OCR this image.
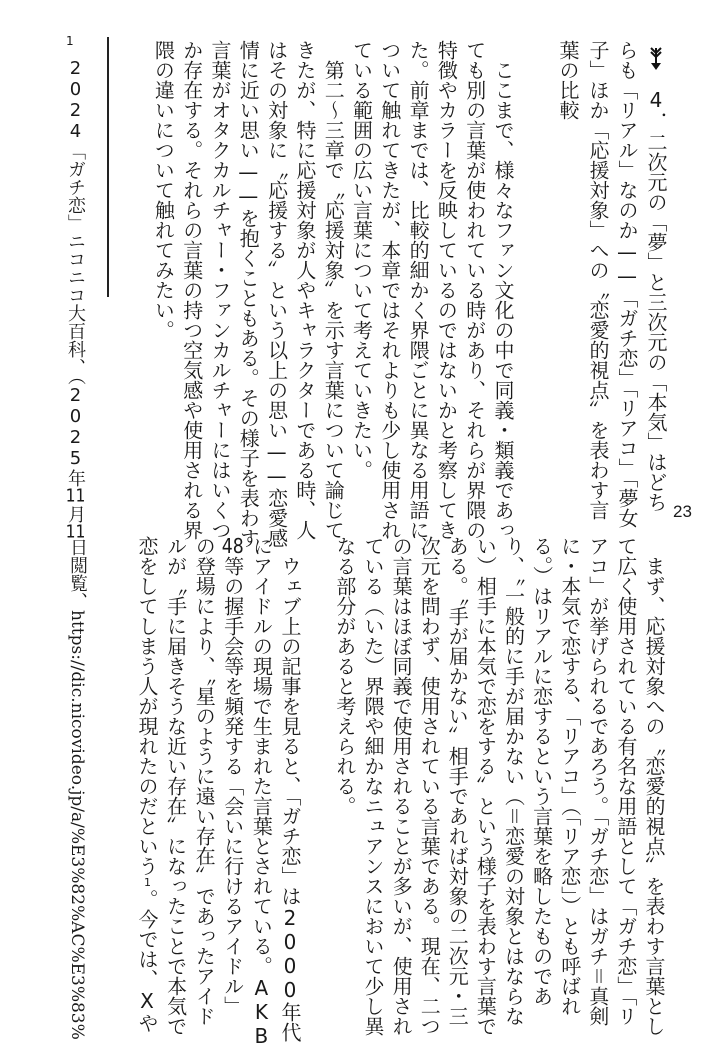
23
1
4．二次元の「夢」と三次元の「本気」はどち
らも「リアル」なのか——「ガチ恋」「リアコ」「夢女
子」ほか「応援対象」への〝恋愛的視点〟を表わす言
葉の比較
ここまで、様々なファン文化の中で同義・類義であっ
ても別の言葉が使われている時があり、それらが界隈の
特徴やカラーを反映しているのではないかと考察してき
た。前章までは、比較的細かく界隈ごとに異なる用語に
ついて触れてきたが、本章ではそれよりも少し使用され
ている範囲の広い言葉について考えていきたい。
第二～三章で〝応援対象〟を示す言葉について論じて
きたが、特に応援対象が人やキャラクターである時、人
はその対象に〝応援する〟という以上の思い——恋愛感
情に近い思い——を抱くこともある。その様子を表わす
言葉がオタクカルチャー・ファンカルチャーにはいくつ
か存在する。それらの言葉の持つ空気感や使用される界
隈の違いについて触れてみたい。
まず、応援対象への〝恋愛的視点〟を表わす言葉とし
て広く使用されている有名な用語として「ガチ恋」「リ
アコ」が挙げられるであろう。「ガチ恋」はガチ＝真剣
に・本気で恋する、「リアコ」（「リア恋」）とも呼ばれ
る。）はリアルに恋するという言葉を略したものであ
り、〝一般的に手が届かない（＝恋愛の対象とはならな
い）相手に本気で恋をする〟という様子を表わす言葉で
ある。〝手が届かない〟相手であれば対象の二次元・三
次元を問わず、使用されている言葉である。現在、二つ
の言葉はほぼ同義で使用されることが多いが、使用され
ている（いた）界隈や細かなニュアンスにおいて少し異
なる部分があると考えられる。
ウェブ上の記事を見ると、「ガチ恋」は2000年代
にアイドルの現場で生まれた言葉とされている。AKB
48等の握手会等を頻発する「会いに行けるアイドル」
の登場により、〝星のように遠い存在〟であったアイド
ルが〝手に届きそうな近い存在〟になったことで本気で
恋をしてしまう人が現れたのだという$^1$。今では、Xや
2024「ガチ恋」ニコニコ大百科、（2025年11月11
日閲覧、https://dic.nicovideo.jp/a/%E3%82%AC%E3%83%
